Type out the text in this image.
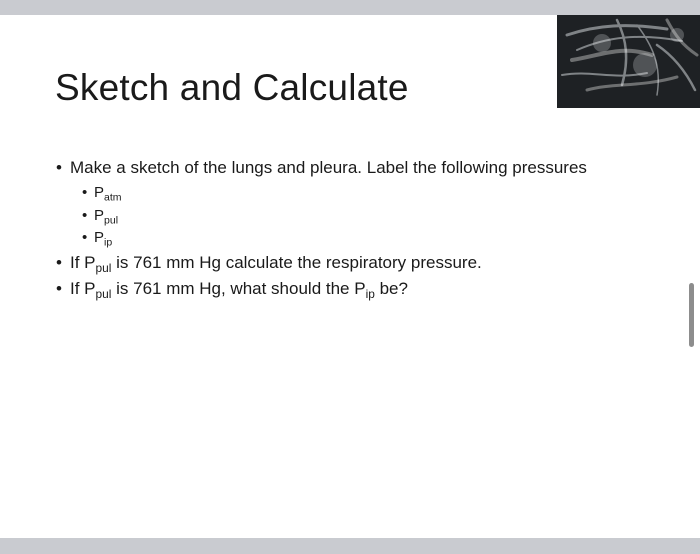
Sketch and Calculate
• Make a sketch of the lungs and pleura. Label the following pressures
• $P_{atm}$
• $P_{pul}$
• $P_{ip}$
• If $P_{pul}$ is 761 mm Hg calculate the respiratory pressure.
• If $P_{pul}$ is 761 mm Hg, what should the $P_{ip}$ be?
